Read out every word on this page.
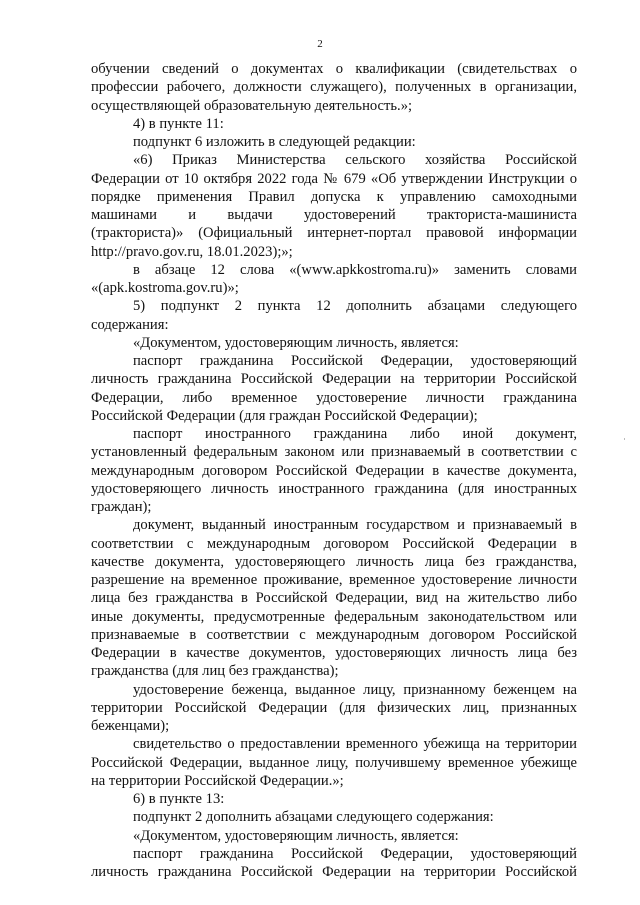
2
обучении сведений о документах о квалификации (свидетельствах о
профессии рабочего, должности служащего), полученных в организации,
осуществляющей образовательную деятельность.»;
4) в пункте 11:
подпункт 6 изложить в следующей редакции:
«6) Приказ Министерства сельского хозяйства Российской
Федерации от 10 октября 2022 года № 679 «Об утверждении Инструкции о
порядке применения Правил допуска к управлению самоходными
машинами и выдачи удостоверений тракториста-машиниста
(тракториста)» (Официальный интернет-портал правовой информации
http://pravo.gov.ru, 18.01.2023);»;
в абзаце 12 слова «(www.apkkostroma.ru)» заменить словами
«(apk.kostroma.gov.ru)»;
5) подпункт 2 пункта 12 дополнить абзацами следующего
содержания:
«Документом, удостоверяющим личность, является:
паспорт гражданина Российской Федерации, удостоверяющий
личность гражданина Российской Федерации на территории Российской
Федерации, либо временное удостоверение личности гражданина
Российской Федерации (для граждан Российской Федерации);
паспорт иностранного гражданина либо иной документ,
установленный федеральным законом или признаваемый в соответствии с
международным договором Российской Федерации в качестве документа,
удостоверяющего личность иностранного гражданина (для иностранных
граждан);
документ, выданный иностранным государством и признаваемый в
соответствии с международным договором Российской Федерации в
качестве документа, удостоверяющего личность лица без гражданства,
разрешение на временное проживание, временное удостоверение личности
лица без гражданства в Российской Федерации, вид на жительство либо
иные документы, предусмотренные федеральным законодательством или
признаваемые в соответствии с международным договором Российской
Федерации в качестве документов, удостоверяющих личность лица без
гражданства (для лиц без гражданства);
удостоверение беженца, выданное лицу, признанному беженцем на
территории Российской Федерации (для физических лиц, признанных
беженцами);
свидетельство о предоставлении временного убежища на территории
Российской Федерации, выданное лицу, получившему временное убежище
на территории Российской Федерации.»;
6) в пункте 13:
подпункт 2 дополнить абзацами следующего содержания:
«Документом, удостоверяющим личность, является:
паспорт гражданина Российской Федерации, удостоверяющий
личность гражданина Российской Федерации на территории Российской
